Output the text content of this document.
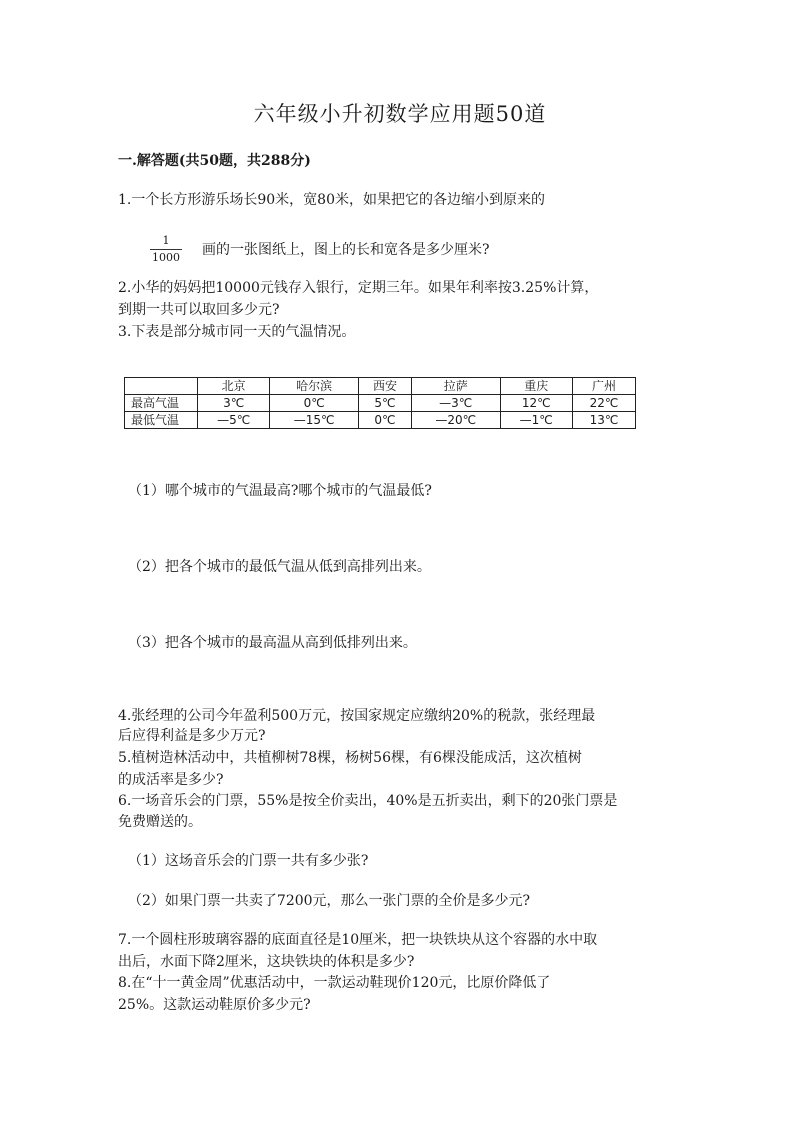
六年级小升初数学应用题50道
一.解答题(共50题，共288分)
1.一个长方形游乐场长90米，宽80米，如果把它的各边缩小到原来的
1
1000 画的一张图纸上，图上的长和宽各是多少厘米?
2.小华的妈妈把10000元钱存入银行，定期三年。如果年利率按3.25%计算，
到期一共可以取回多少元?
3.下表是部分城市同一天的气温情况。
	北京	哈尔滨	西安	拉萨	重庆	广州
最高气温	3℃	0℃	5℃	—3℃	12℃	22℃
最低气温	—5℃	—15℃	0℃	—20℃	—1℃	13℃
（1）哪个城市的气温最高?哪个城市的气温最低?
（2）把各个城市的最低气温从低到高排列出来。
（3）把各个城市的最高温从高到低排列出来。
4.张经理的公司今年盈利500万元，按国家规定应缴纳20%的税款，张经理最
后应得利益是多少万元?
5.植树造林活动中，共植柳树78棵，杨树56棵，有6棵没能成活，这次植树
的成活率是多少?
6.一场音乐会的门票，55%是按全价卖出，40%是五折卖出，剩下的20张门票是
免费赠送的。
（1）这场音乐会的门票一共有多少张?
（2）如果门票一共卖了7200元，那么一张门票的全价是多少元?
7.一个圆柱形玻璃容器的底面直径是10厘米，把一块铁块从这个容器的水中取
出后，水面下降2厘米，这块铁块的体积是多少?
8.在“十一黄金周”优惠活动中，一款运动鞋现价120元，比原价降低了
25%。这款运动鞋原价多少元?
